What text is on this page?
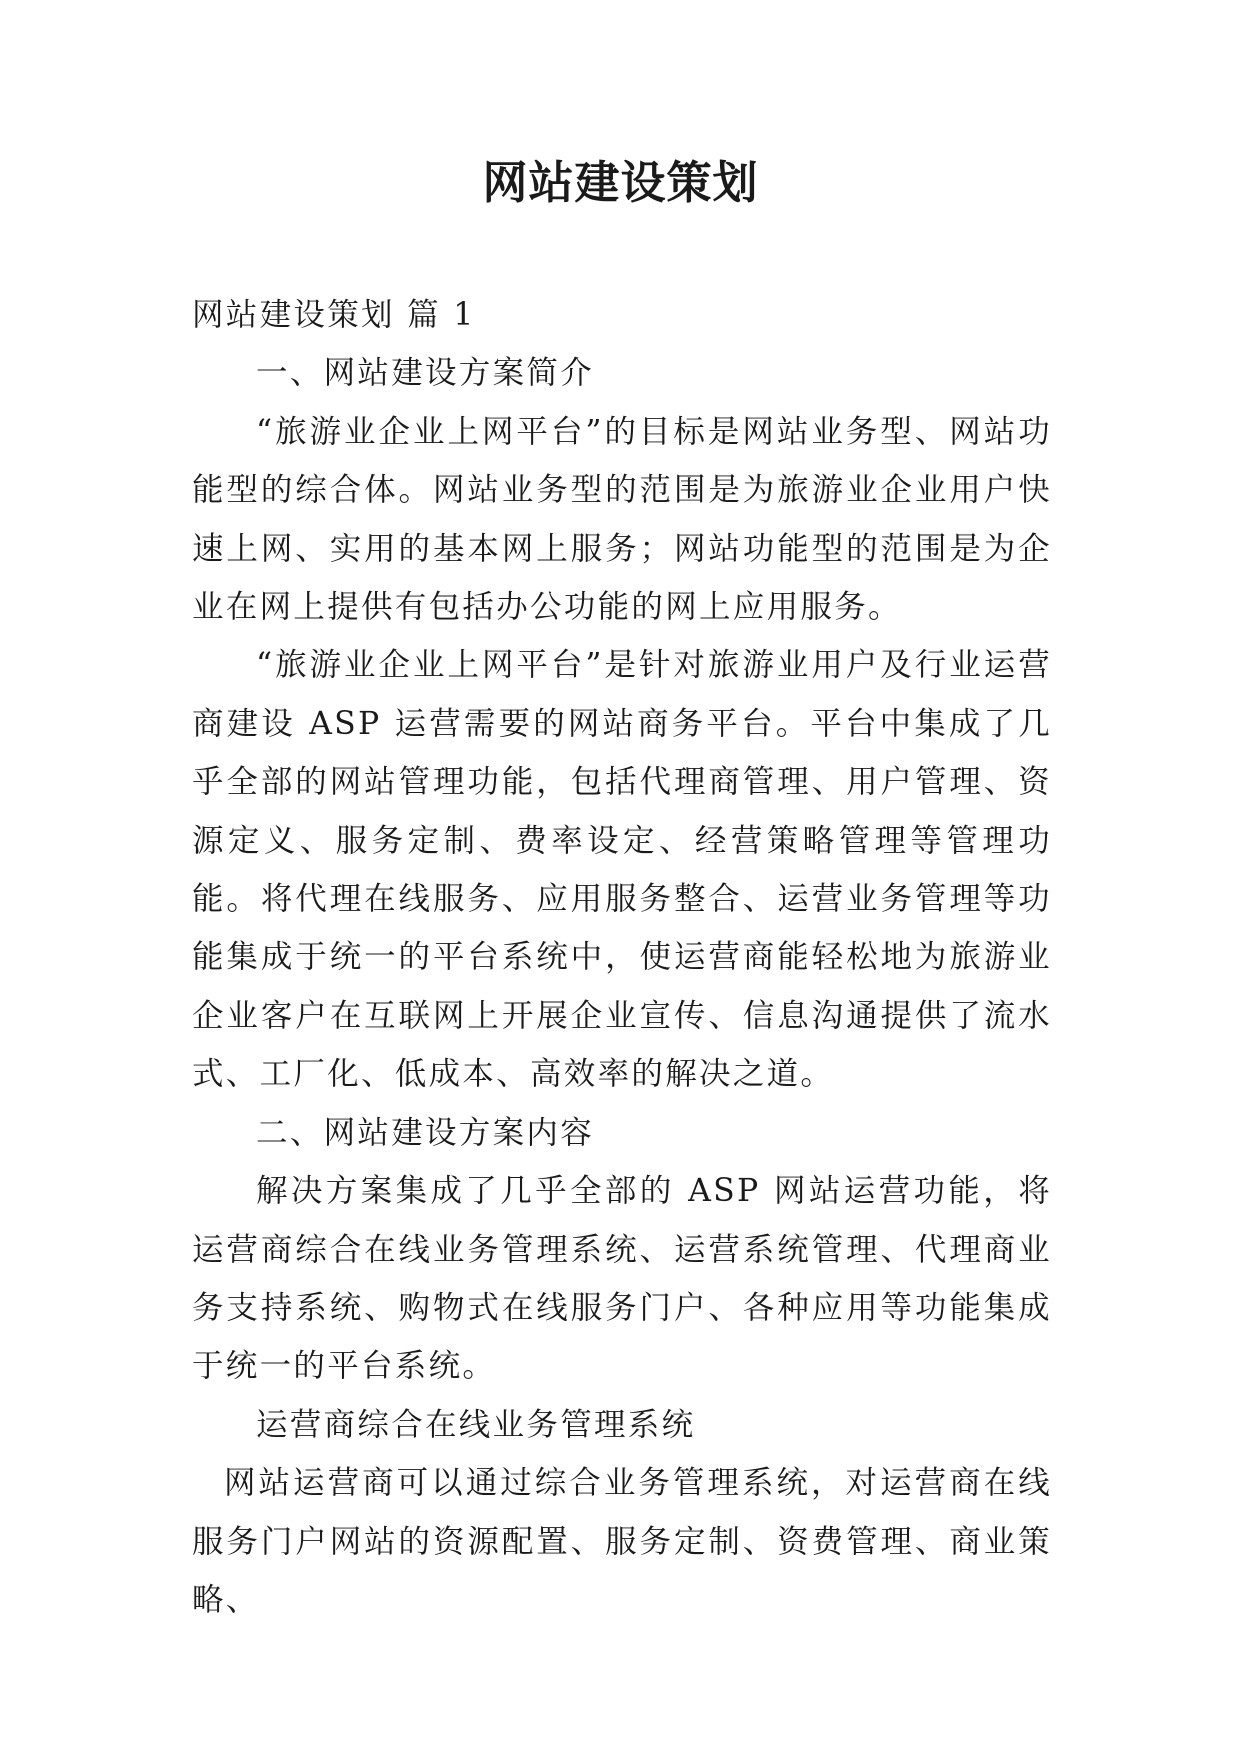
网站建设策划

网站建设策划 篇 1

一、网站建设方案简介

“旅游业企业上网平台”的目标是网站业务型、网站功能型的综合体。网站业务型的范围是为旅游业企业用户快速上网、实用的基本网上服务；网站功能型的范围是为企业在网上提供有包括办公功能的网上应用服务。

“旅游业企业上网平台”是针对旅游业用户及行业运营商建设 ASP 运营需要的网站商务平台。平台中集成了几乎全部的网站管理功能，包括代理商管理、用户管理、资源定义、服务定制、费率设定、经营策略管理等管理功能。将代理在线服务、应用服务整合、运营业务管理等功能集成于统一的平台系统中，使运营商能轻松地为旅游业企业客户在互联网上开展企业宣传、信息沟通提供了流水式、工厂化、低成本、高效率的解决之道。

二、网站建设方案内容

解决方案集成了几乎全部的 ASP 网站运营功能，将运营商综合在线业务管理系统、运营系统管理、代理商业务支持系统、购物式在线服务门户、各种应用等功能集成于统一的平台系统。

运营商综合在线业务管理系统

网站运营商可以通过综合业务管理系统，对运营商在线服务门户网站的资源配置、服务定制、资费管理、商业策略、
